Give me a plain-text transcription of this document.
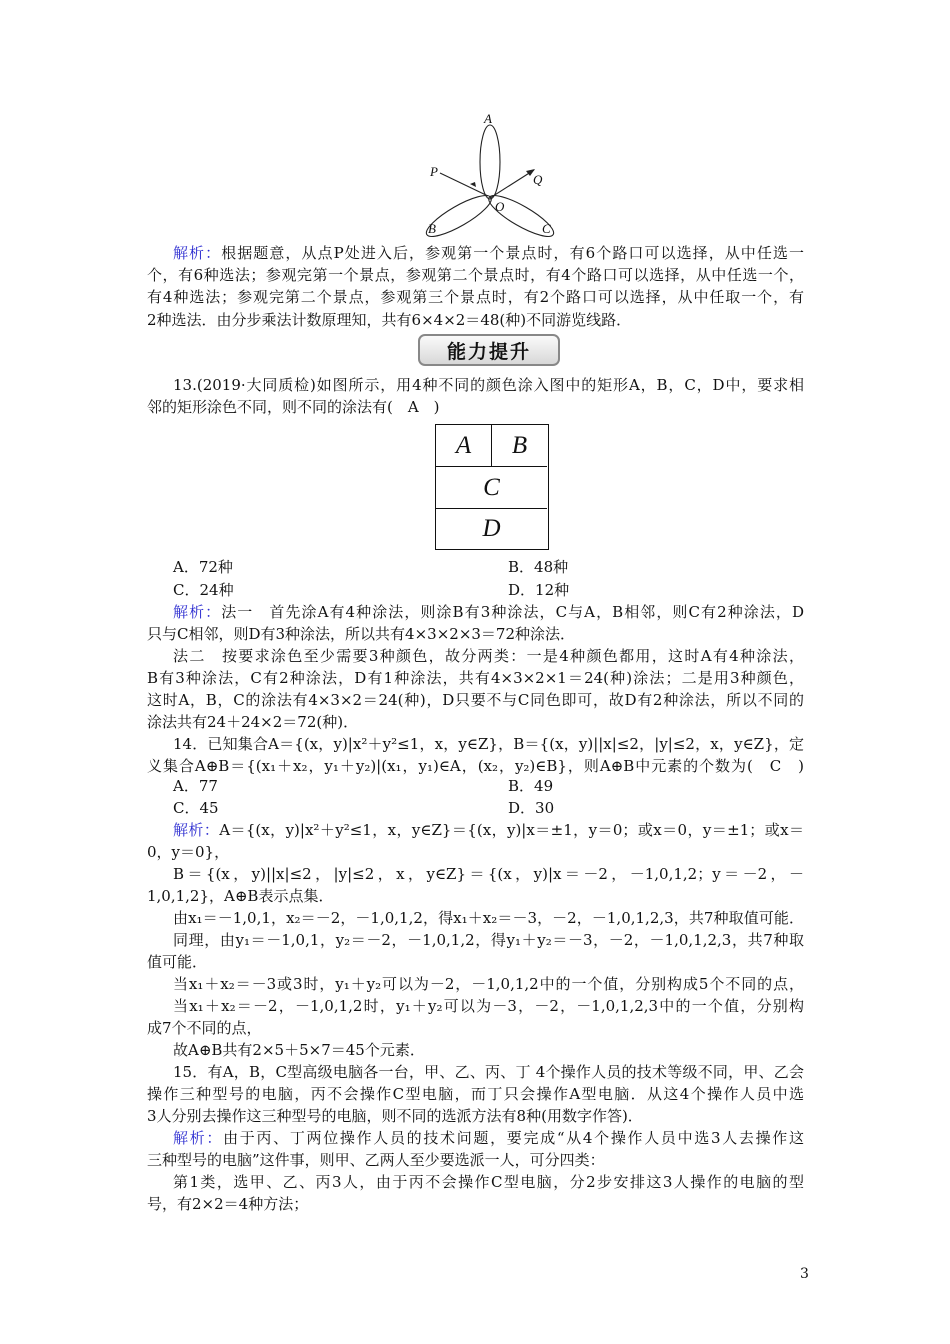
A
P
Q
O
B	C
能力提升
A	B
C
D
解析：根据题意，从点P处进入后，参观第一个景点时，有6个路口可以选择，从中任选一
个，有6种选法；参观完第一个景点，参观第二个景点时，有4个路口可以选择，从中任选一个，
有4种选法；参观完第二个景点，参观第三个景点时，有2个路口可以选择，从中任取一个，有
2种选法．由分步乘法计数原理知，共有6×4×2＝48(种)不同游览线路．
13.(2019·大同质检)如图所示，用4种不同的颜色涂入图中的矩形A，B，C，D中，要求相
邻的矩形涂色不同，则不同的涂法有(　A　)
A．72种
C．24种
解析：法一　首先涂A有4种涂法，则涂B有3种涂法，C与A，B相邻，则C有2种涂法，D
只与C相邻，则D有3种涂法，所以共有4×3×2×3＝72种涂法．
法二　按要求涂色至少需要3种颜色，故分两类：一是4种颜色都用，这时A有4种涂法，
B有3种涂法，C有2种涂法，D有1种涂法，共有4×3×2×1＝24(种)涂法；二是用3种颜色，
这时A，B，C的涂法有4×3×2＝24(种)，D只要不与C同色即可，故D有2种涂法，所以不同的
涂法共有24＋24×2＝72(种)．
14．已知集合A＝{(x，y)|x²＋y²≤1，x，y∈Z}，B＝{(x，y)||x|≤2，|y|≤2，x，y∈Z}，定
义集合A⊕B＝{(x₁＋x₂，y₁＋y₂)|(x₁，y₁)∈A，(x₂，y₂)∈B}，则A⊕B中元素的个数为(　C　)
A．77
C．45
解析：A＝{(x，y)|x²＋y²≤1，x，y∈Z}＝{(x，y)|x＝±1，y＝0；或x＝0，y＝±1；或x＝
0，y＝0}，
B＝{(x，y)||x|≤2，|y|≤2，x，y∈Z}＝{(x，y)|x＝－2，－1,0,1,2；y＝－2，－
1,0,1,2}，A⊕B表示点集．
由x₁＝－1,0,1，x₂＝－2，－1,0,1,2，得x₁＋x₂＝－3，－2，－1,0,1,2,3，共7种取值可能．
同理，由y₁＝－1,0,1，y₂＝－2，－1,0,1,2，得y₁＋y₂＝－3，－2，－1,0,1,2,3，共7种取
值可能．
当x₁＋x₂＝－3或3时，y₁＋y₂可以为－2，－1,0,1,2中的一个值，分别构成5个不同的点，
当x₁＋x₂＝－2，－1,0,1,2时，y₁＋y₂可以为－3，－2，－1,0,1,2,3中的一个值，分别构
成7个不同的点，
故A⊕B共有2×5＋5×7＝45个元素．
15．有A，B，C型高级电脑各一台，甲、乙、丙、丁 4个操作人员的技术等级不同，甲、乙会
操作三种型号的电脑，丙不会操作C型电脑，而丁只会操作A型电脑．从这4个操作人员中选
3人分别去操作这三种型号的电脑，则不同的选派方法有8种(用数字作答)．
解析：由于丙、丁两位操作人员的技术问题，要完成“从4个操作人员中选3人去操作这
三种型号的电脑”这件事，则甲、乙两人至少要选派一人，可分四类：
第1类，选甲、乙、丙3人，由于丙不会操作C型电脑，分2步安排这3人操作的电脑的型
号，有2×2＝4种方法；
B．48种
D．12种
B．49
D．30
3
